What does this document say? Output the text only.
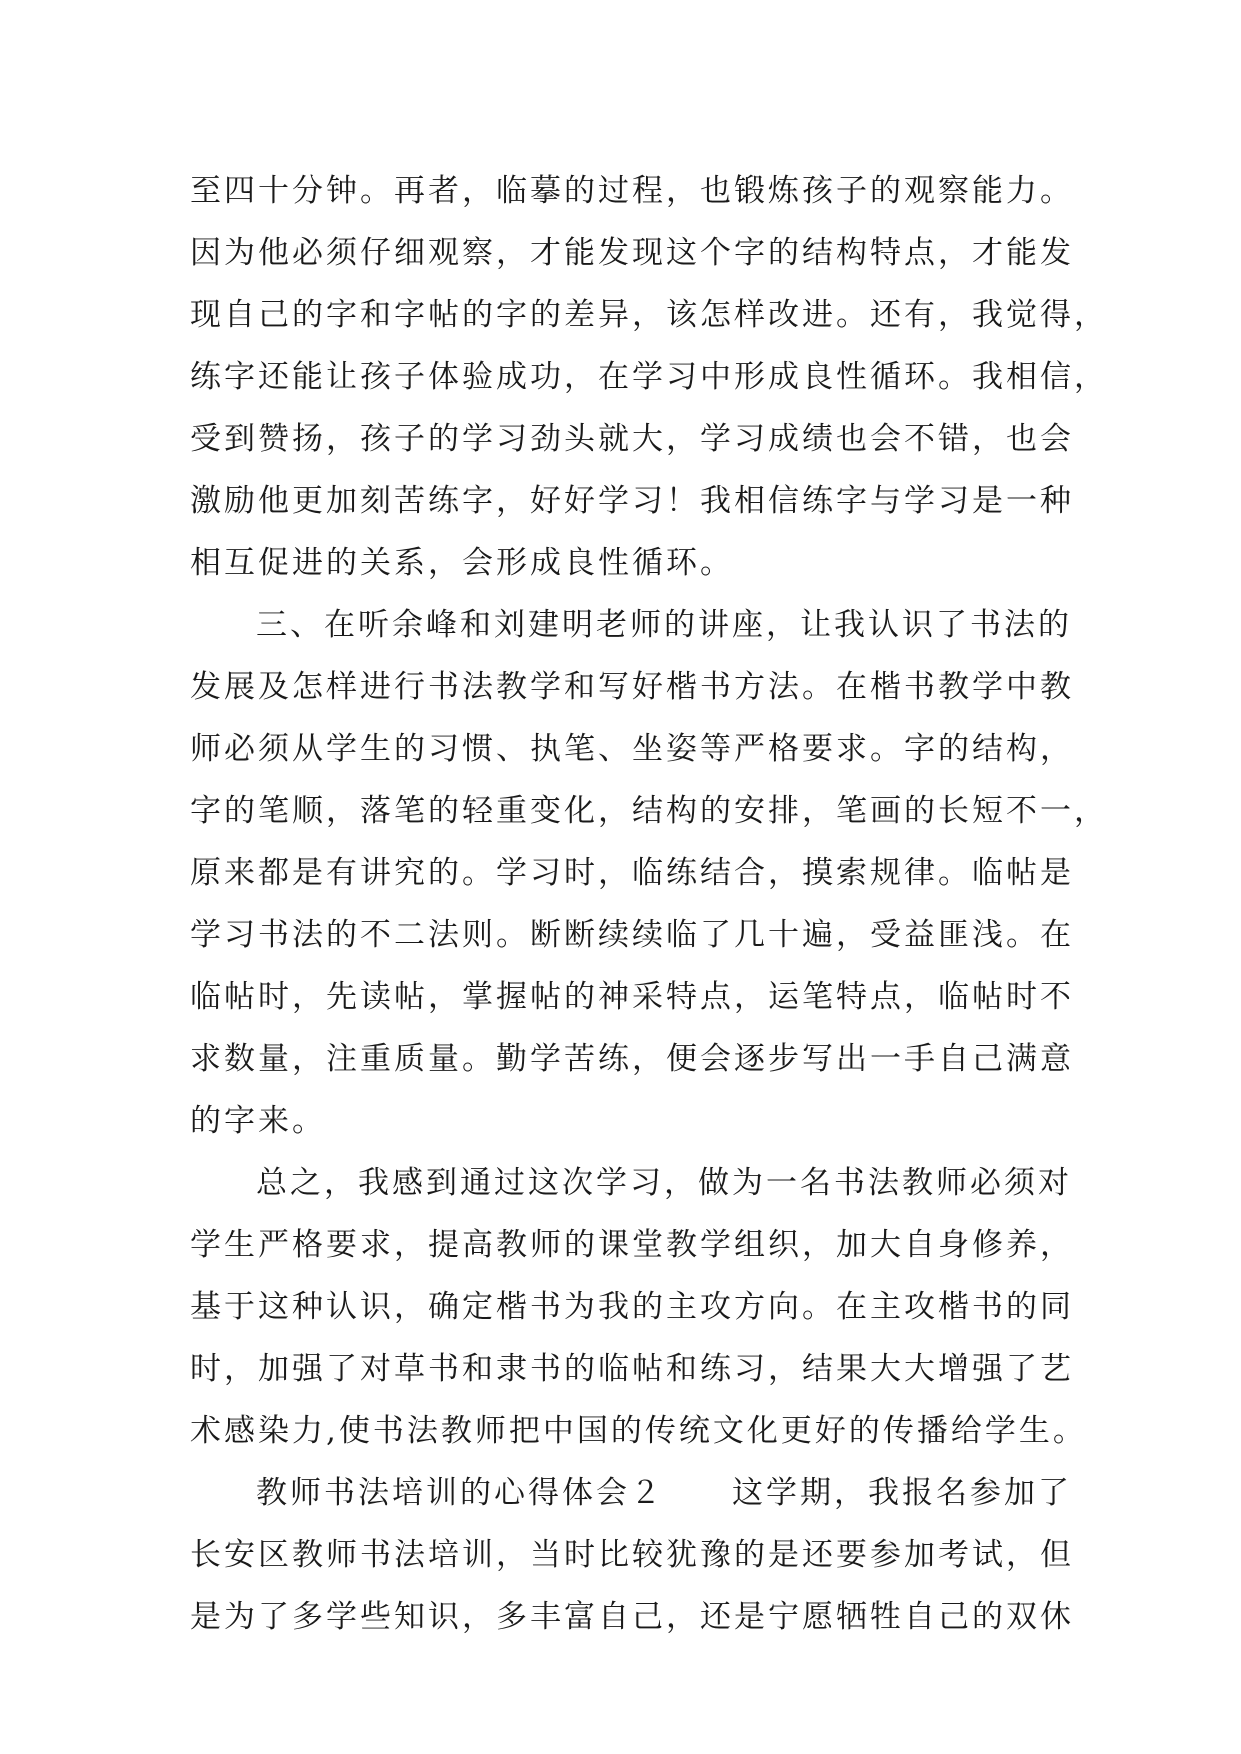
至四十分钟。再者，临摹的过程，也锻炼孩子的观察能力。
因为他必须仔细观察，才能发现这个字的结构特点，才能发
现自己的字和字帖的字的差异，该怎样改进。还有，我觉得，
练字还能让孩子体验成功，在学习中形成良性循环。我相信，
受到赞扬，孩子的学习劲头就大，学习成绩也会不错，也会
激励他更加刻苦练字，好好学习！我相信练字与学习是一种
相互促进的关系，会形成良性循环。
三、在听余峰和刘建明老师的讲座，让我认识了书法的
发展及怎样进行书法教学和写好楷书方法。在楷书教学中教
师必须从学生的习惯、执笔、坐姿等严格要求。字的结构，
字的笔顺，落笔的轻重变化，结构的安排，笔画的长短不一，
原来都是有讲究的。学习时，临练结合，摸索规律。临帖是
学习书法的不二法则。断断续续临了几十遍，受益匪浅。在
临帖时，先读帖，掌握帖的神采特点，运笔特点，临帖时不
求数量，注重质量。勤学苦练，便会逐步写出一手自己满意
的字来。
总之，我感到通过这次学习，做为一名书法教师必须对
学生严格要求，提高教师的课堂教学组织，加大自身修养，
基于这种认识，确定楷书为我的主攻方向。在主攻楷书的同
时，加强了对草书和隶书的临帖和练习，结果大大增强了艺
术感染力,使书法教师把中国的传统文化更好的传播给学生。
教师书法培训的心得体会２　　这学期，我报名参加了
长安区教师书法培训，当时比较犹豫的是还要参加考试，但
是为了多学些知识，多丰富自己，还是宁愿牺牲自己的双休
